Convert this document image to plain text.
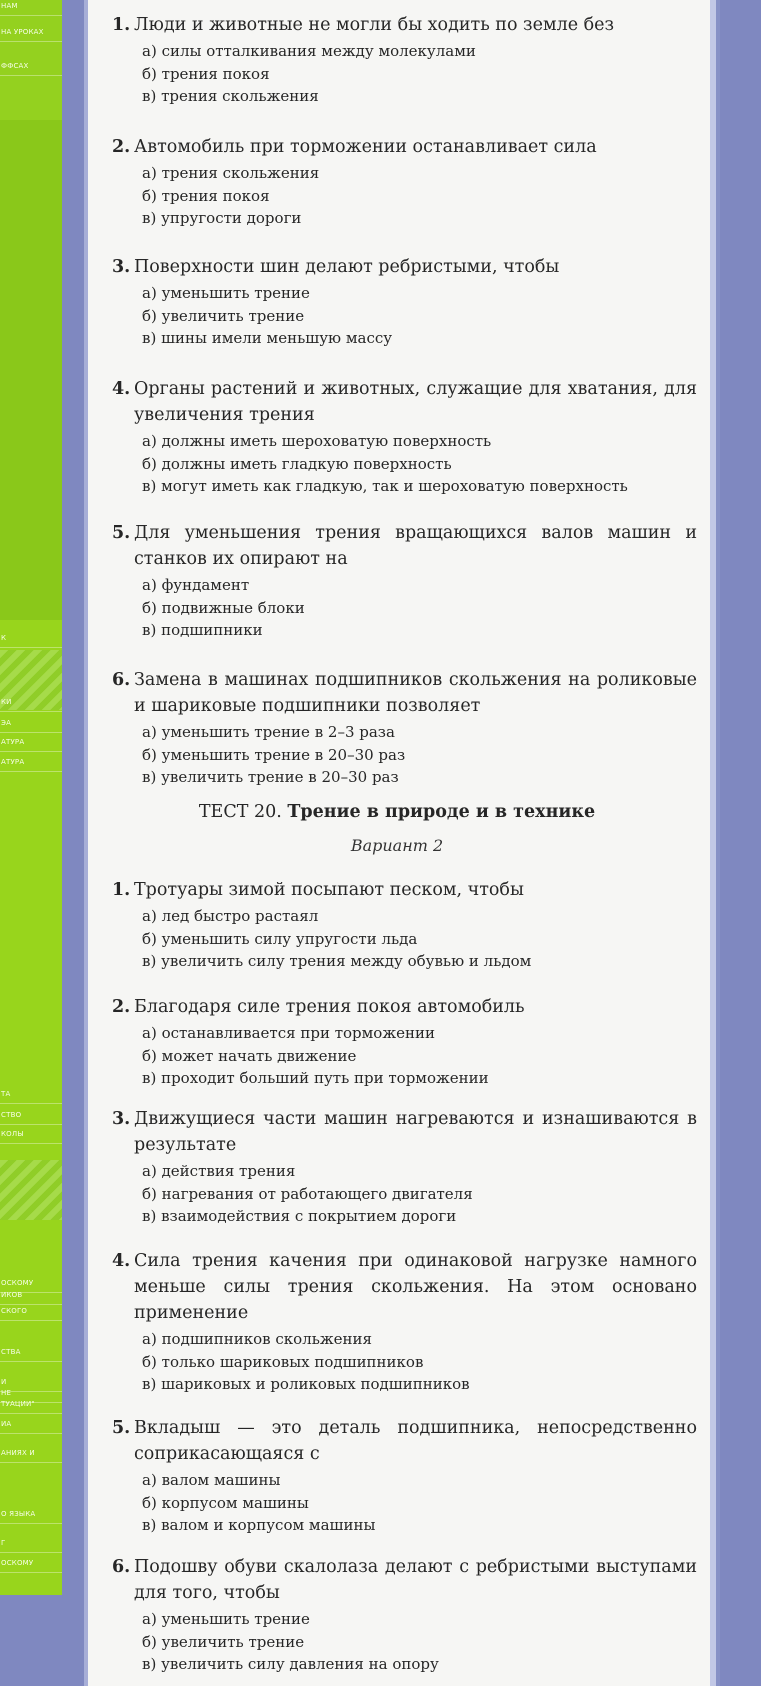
НАМ
НА УРОКАХ
ФФСАХ
К
КИ
ЭА
АТУРА
АТУРА
ТА
СТВО
КОЛЫ
ОСКОМУ
ИКОВ
СКОГО
СТВА
И
НЕ
ТУАЦИИ"
ИА
АНИЯХ И
О ЯЗЫКА
Г
ОСКОМУ
1. Люди и животные не могли бы ходить по земле без
а) силы отталкивания между молекулами
б) трения покоя
в) трения скольжения
2. Автомобиль при торможении останавливает сила
а) трения скольжения
б) трения покоя
в) упругости дороги
3. Поверхности шин делают ребристыми, чтобы
а) уменьшить трение
б) увеличить трение
в) шины имели меньшую массу
4. Органы растений и животных, служащие для хватания, для увеличения трения
а) должны иметь шероховатую поверхность
б) должны иметь гладкую поверхность
в) могут иметь как гладкую, так и шероховатую поверхность
5. Для уменьшения трения вращающихся валов машин и станков их опирают на
а) фундамент
б) подвижные блоки
в) подшипники
6. Замена в машинах подшипников скольжения на роликовые и шариковые подшипники позволяет
а) уменьшить трение в 2–3 раза
б) уменьшить трение в 20–30 раз
в) увеличить трение в 20–30 раз
1. Тротуары зимой посыпают песком, чтобы
а) лед быстро растаял
б) уменьшить силу упругости льда
в) увеличить силу трения между обувью и льдом
2. Благодаря силе трения покоя автомобиль
а) останавливается при торможении
б) может начать движение
в) проходит больший путь при торможении
3. Движущиеся части машин нагреваются и изнашиваются в результате
а) действия трения
б) нагревания от работающего двигателя
в) взаимодействия с покрытием дороги
4. Сила трения качения при одинаковой нагрузке намного меньше силы трения скольжения. На этом основано применение
а) подшипников скольжения
б) только шариковых подшипников
в) шариковых и роликовых подшипников
5. Вкладыш — это деталь подшипника, непосредственно соприкасающаяся с
а) валом машины
б) корпусом машины
в) валом и корпусом машины
6. Подошву обуви скалолаза делают с ребристыми выступами для того, чтобы
а) уменьшить трение
б) увеличить трение
в) увеличить силу давления на опору
ТЕСТ 20. Трение в природе и в технике
Вариант 2
